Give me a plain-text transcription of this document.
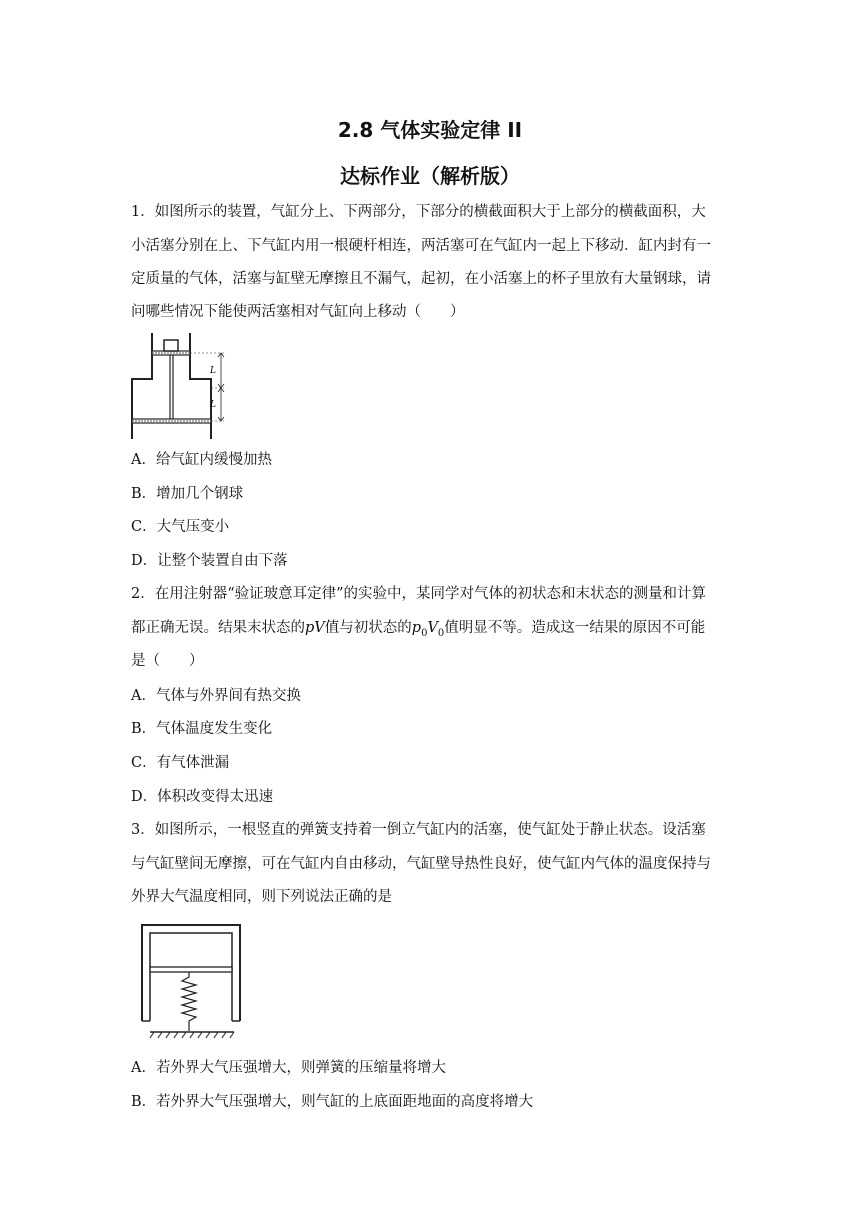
2.8 气体实验定律 II
达标作业（解析版）
1．如图所示的装置，气缸分上、下两部分，下部分的横截面积大于上部分的横截面积，大
小活塞分别在上、下气缸内用一根硬杆相连，两活塞可在气缸内一起上下移动．缸内封有一
定质量的气体，活塞与缸壁无摩擦且不漏气，起初，在小活塞上的杯子里放有大量钢球，请
问哪些情况下能使两活塞相对气缸向上移动（　　）
L
L
A．给气缸内缓慢加热
B．增加几个钢球
C．大气压变小
D．让整个装置自由下落
2．在用注射器“验证玻意耳定律”的实验中，某同学对气体的初状态和末状态的测量和计算
都正确无误。结果末状态的pV值与初状态的$p_0V_0$值明显不等。造成这一结果的原因不可能
是（　　）
A．气体与外界间有热交换
B．气体温度发生变化
C．有气体泄漏
D．体积改变得太迅速
3．如图所示，一根竖直的弹簧支持着一倒立气缸内的活塞，使气缸处于静止状态。设活塞
与气缸壁间无摩擦，可在气缸内自由移动，气缸壁导热性良好，使气缸内气体的温度保持与
外界大气温度相同，则下列说法正确的是
A．若外界大气压强增大，则弹簧的压缩量将增大
B．若外界大气压强增大，则气缸的上底面距地面的高度将增大
